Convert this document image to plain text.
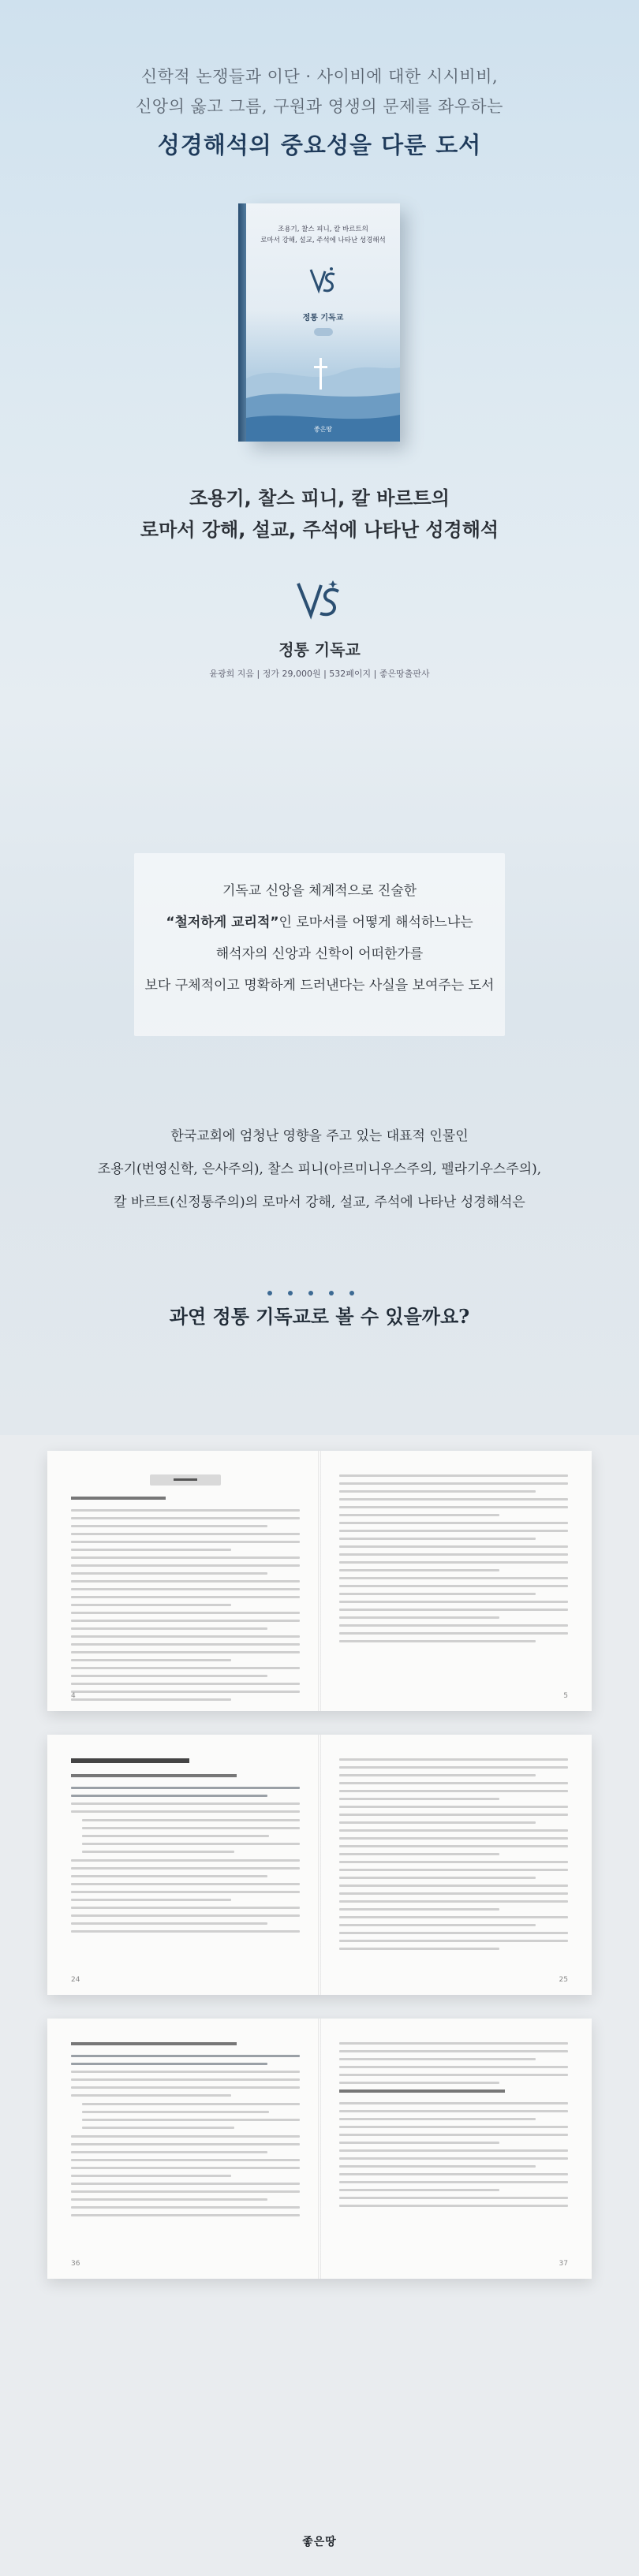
신학적 논쟁들과 이단 · 사이비에 대한 시시비비,
신앙의 옳고 그름, 구원과 영생의 문제를 좌우하는
성경해석의 중요성을 다룬 도서
조용기, 찰스 피니, 칼 바르트의
로마서 강해, 설교, 주석에 나타난 성경해석
정통 기독교
좋은땅
조용기, 찰스 피니, 칼 바르트의
로마서 강해, 설교, 주석에 나타난 성경해석
정통 기독교
윤광희 지음 | 정가 29,000원 | 532페이지 | 좋은땅출판사
기독교 신앙을 체계적으로 진술한
“철저하게 교리적”인 로마서를 어떻게 해석하느냐는
해석자의 신앙과 신학이 어떠한가를
보다 구체적이고 명확하게 드러낸다는 사실을 보여주는 도서
한국교회에 엄청난 영향을 주고 있는 대표적 인물인
조용기(번영신학, 은사주의), 찰스 피니(아르미니우스주의, 펠라기우스주의),
칼 바르트(신정통주의)의 로마서 강해, 설교, 주석에 나타난 성경해석은
과연 정통 기독교로 볼 수 있을까요?
4	5
24	25
36	37
좋은땅
